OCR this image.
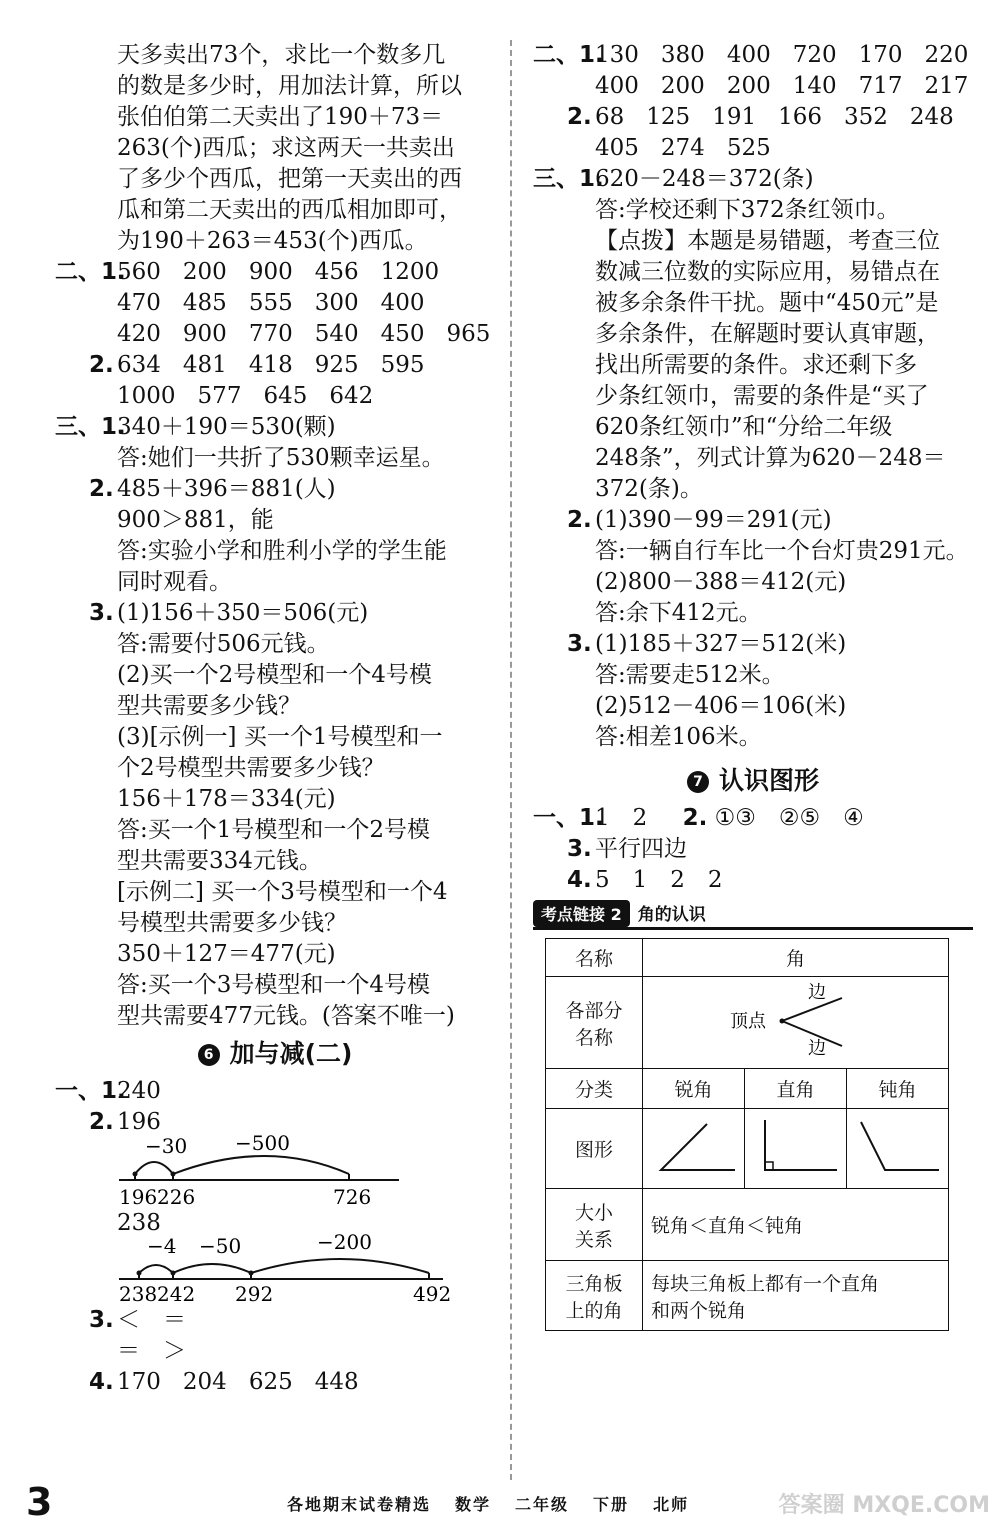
天多卖出73个，求比一个数多几
的数是多少时，用加法计算，所以
张伯伯第二天卖出了190＋73＝
263(个)西瓜；求这两天一共卖出
了多少个西瓜，把第一天卖出的西
瓜和第二天卖出的西瓜相加即可，
为190＋263＝453(个)西瓜。
二、1.
560 200 900 456 1200
470 485 555 300 400
420 900 770 540 450 965
2. 634 481 418 925 595
1000 577 645 642
三、1.
340＋190＝530(颗)
答:她们一共折了530颗幸运星。
2. 485＋396＝881(人)
900＞881，能
答:实验小学和胜利小学的学生能
同时观看。
3. (1)156＋350＝506(元)
答:需要付506元钱。
(2)买一个2号模型和一个4号模
型共需要多少钱？
(3)[示例一] 买一个1号模型和一
个2号模型共需要多少钱？
156＋178＝334(元)
答:买一个1号模型和一个2号模
型共需要334元钱。
[示例二] 买一个3号模型和一个4
号模型共需要多少钱？
350＋127＝477(元)
答:买一个3号模型和一个4号模
型共需要477元钱。(答案不唯一)
6 加与减(二)
一、1.
240
2. 196
−30 −500
196 226	726
238
−4 −50	−200
238 242 292	492
3. ＜　＝
＝　＞
4. 170 204 625 448
二、1.
130 380 400 720 170 220
400 200 200 140 717 217
2. 68 125 191 166 352 248
405 274 525
三、1.
620－248＝372(条)
答:学校还剩下372条红领巾。
【点拨】本题是易错题，考查三位
数减三位数的实际应用，易错点在
被多余条件干扰。题中“450元”是
多余条件，在解题时要认真审题，
找出所需要的条件。求还剩下多
少条红领巾，需要的条件是“买了
620条红领巾”和“分给二年级
248条”，列式计算为620－248＝
372(条)。
2. (1)390－99＝291(元)
答:一辆自行车比一个台灯贵291元。
(2)800－388＝412(元)
答:余下412元。
3. (1)185＋327＝512(米)
答:需要走512米。
(2)512－406＝106(米)
答:相差106米。
7 认识图形
一、1.
1　2 2. ①③　②⑤　④
3. 平行四边
4. 5　1　2　2
考点链接 2 角的认识
名称	角		
各部分名称	顶点
边
边		

分类	锐角	直角	钝角
图形			
大小关系	锐角＜直角＜钝角		
三角板上的角	每块三角板上都有一个直角
和两个锐角		
3	各地期末试卷精选 数学 二年级 下册 北师	答案圈 MXQE.COM
